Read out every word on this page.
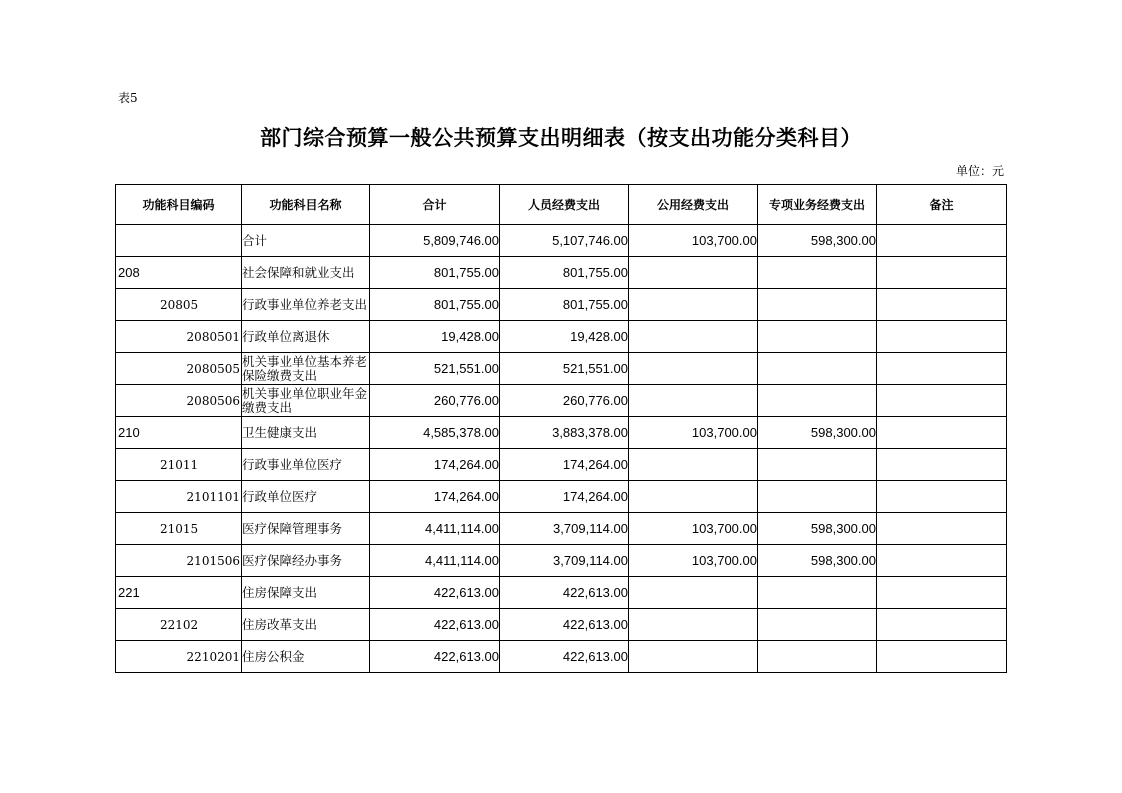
表5
部门综合预算一般公共预算支出明细表（按支出功能分类科目）
单位：元
功能科目编码	功能科目名称	合计	人员经费支出	公用经费支出	专项业务经费支出	备注
	合计	5,809,746.00	5,107,746.00	103,700.00	598,300.00	
208	社会保障和就业支出	801,755.00	801,755.00			
20805	行政事业单位养老支出	801,755.00	801,755.00			
2080501	行政单位离退休	19,428.00	19,428.00			
2080505	机关事业单位基本养老保险缴费支出	521,551.00	521,551.00			
2080506	机关事业单位职业年金缴费支出	260,776.00	260,776.00			
210	卫生健康支出	4,585,378.00	3,883,378.00	103,700.00	598,300.00	
21011	行政事业单位医疗	174,264.00	174,264.00			
2101101	行政单位医疗	174,264.00	174,264.00			
21015	医疗保障管理事务	4,411,114.00	3,709,114.00	103,700.00	598,300.00	
2101506	医疗保障经办事务	4,411,114.00	3,709,114.00	103,700.00	598,300.00	
221	住房保障支出	422,613.00	422,613.00			
22102	住房改革支出	422,613.00	422,613.00			
2210201	住房公积金	422,613.00	422,613.00			
